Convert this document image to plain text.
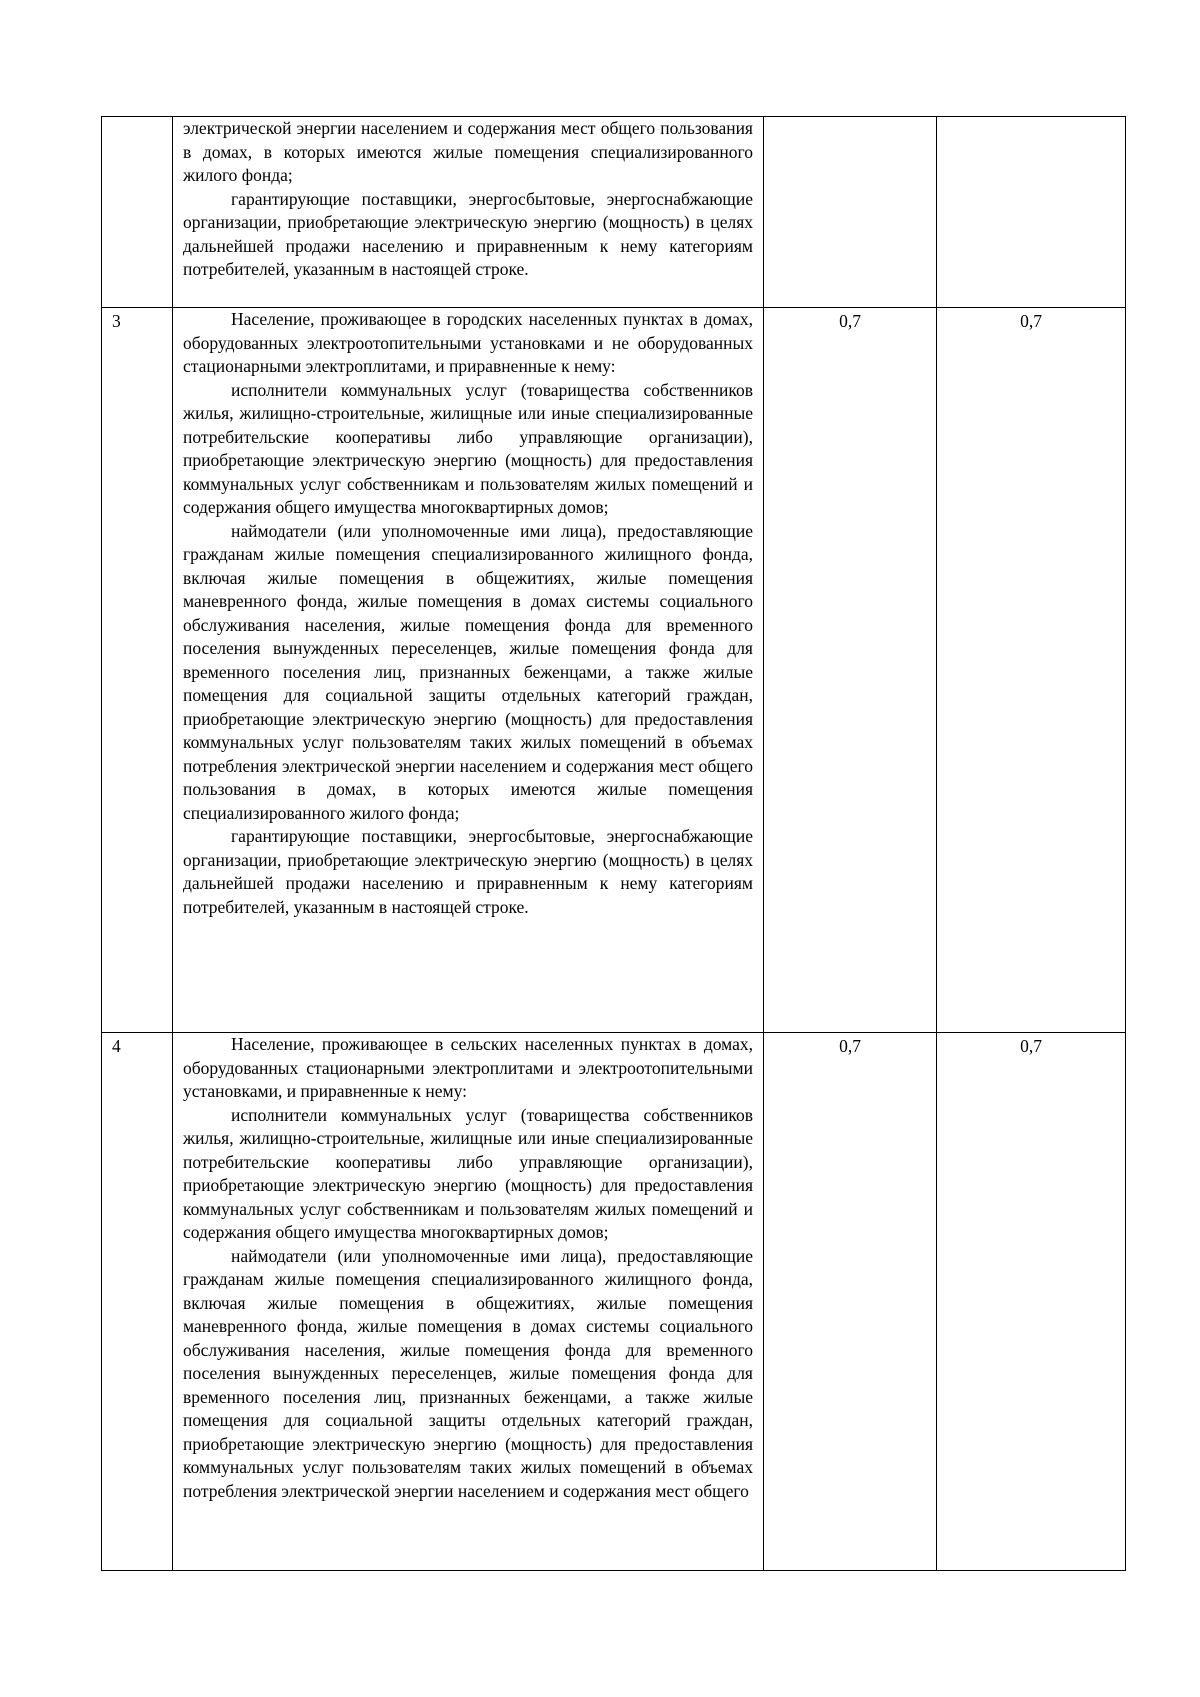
	электрической энергии населением и содержания мест общего пользования в домах, в которых имеются жилые помещения специализированного жилого фонда;

гарантирующие поставщики, энергосбытовые, энергоснабжающие организации, приобретающие электрическую энергию (мощность) в целях дальнейшей продажи населению и приравненным к нему категориям потребителей, указанным в настоящей строке.		

3	Население, проживающее в городских населенных пунктах в домах, оборудованных электроотопительными установками и не оборудованных стационарными электроплитами, и приравненные к нему:

исполнители коммунальных услуг (товарищества собственников жилья, жилищно-строительные, жилищные или иные специализированные потребительские кооперативы либо управляющие организации), приобретающие электрическую энергию (мощность) для предоставления коммунальных услуг собственникам и пользователям жилых помещений и содержания общего имущества многоквартирных домов;

наймодатели (или уполномоченные ими лица), предоставляющие гражданам жилые помещения специализированного жилищного фонда, включая жилые помещения в общежитиях, жилые помещения маневренного фонда, жилые помещения в домах системы социального обслуживания населения, жилые помещения фонда для временного поселения вынужденных переселенцев, жилые помещения фонда для временного поселения лиц, признанных беженцами, а также жилые помещения для социальной защиты отдельных категорий граждан, приобретающие электрическую энергию (мощность) для предоставления коммунальных услуг пользователям таких жилых помещений в объемах потребления электрической энергии населением и содержания мест общего пользования в домах, в которых имеются жилые помещения специализированного жилого фонда;

гарантирующие поставщики, энергосбытовые, энергоснабжающие организации, приобретающие электрическую энергию (мощность) в целях дальнейшей продажи населению и приравненным к нему категориям потребителей, указанным в настоящей строке.	0,7	0,7
4	Население, проживающее в сельских населенных пунктах в домах, оборудованных стационарными электроплитами и электроотопительными установками, и приравненные к нему:

исполнители коммунальных услуг (товарищества собственников жилья, жилищно-строительные, жилищные или иные специализированные потребительские кооперативы либо управляющие организации), приобретающие электрическую энергию (мощность) для предоставления коммунальных услуг собственникам и пользователям жилых помещений и содержания общего имущества многоквартирных домов;

наймодатели (или уполномоченные ими лица), предоставляющие гражданам жилые помещения специализированного жилищного фонда, включая жилые помещения в общежитиях, жилые помещения маневренного фонда, жилые помещения в домах системы социального обслуживания населения, жилые помещения фонда для временного поселения вынужденных переселенцев, жилые помещения фонда для временного поселения лиц, признанных беженцами, а также жилые помещения для социальной защиты отдельных категорий граждан, приобретающие электрическую энергию (мощность) для предоставления коммунальных услуг пользователям таких жилых помещений в объемах потребления электрической энергии населением и содержания мест общего	0,7	0,7
